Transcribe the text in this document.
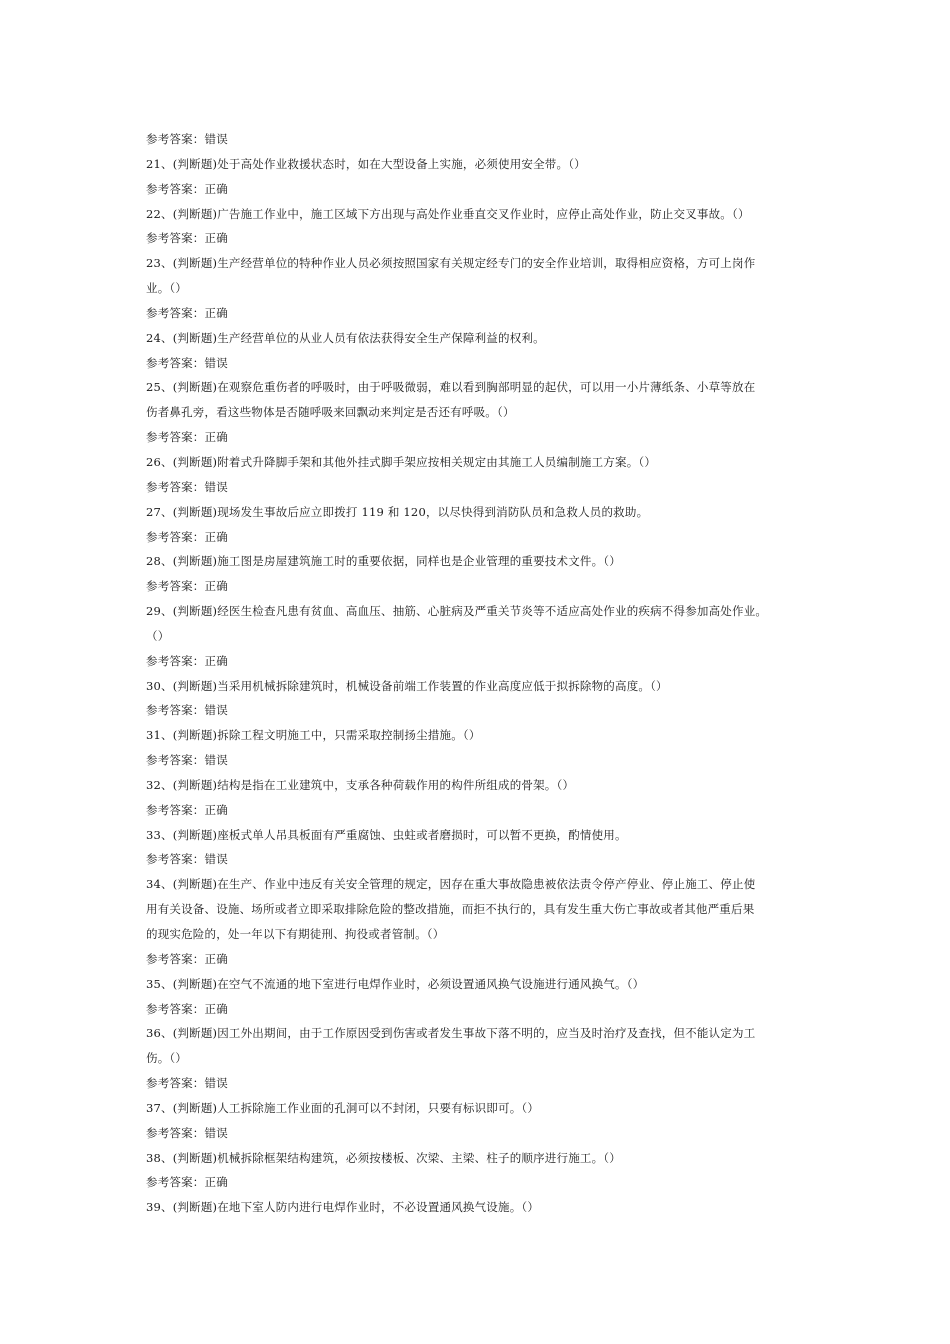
参考答案：错误
21、(判断题)处于高处作业救援状态时，如在大型设备上实施，必须使用安全带。（）
参考答案：正确
22、(判断题)广告施工作业中，施工区域下方出现与高处作业垂直交叉作业时，应停止高处作业，防止交叉事故。（）
参考答案：正确
23、(判断题)生产经营单位的特种作业人员必须按照国家有关规定经专门的安全作业培训，取得相应资格，方可上岗作
业。（）
参考答案：正确
24、(判断题)生产经营单位的从业人员有依法获得安全生产保障利益的权利。
参考答案：错误
25、(判断题)在观察危重伤者的呼吸时，由于呼吸微弱，难以看到胸部明显的起伏，可以用一小片薄纸条、小草等放在
伤者鼻孔旁，看这些物体是否随呼吸来回飘动来判定是否还有呼吸。（）
参考答案：正确
26、(判断题)附着式升降脚手架和其他外挂式脚手架应按相关规定由其施工人员编制施工方案。（）
参考答案：错误
27、(判断题)现场发生事故后应立即拨打 119 和 120，以尽快得到消防队员和急救人员的救助。
参考答案：正确
28、(判断题)施工图是房屋建筑施工时的重要依据，同样也是企业管理的重要技术文件。（）
参考答案：正确
29、(判断题)经医生检查凡患有贫血、高血压、抽筋、心脏病及严重关节炎等不适应高处作业的疾病不得参加高处作业。
（）
参考答案：正确
30、(判断题)当采用机械拆除建筑时，机械设备前端工作装置的作业高度应低于拟拆除物的高度。（）
参考答案：错误
31、(判断题)拆除工程文明施工中，只需采取控制扬尘措施。（）
参考答案：错误
32、(判断题)结构是指在工业建筑中，支承各种荷载作用的构件所组成的骨架。（）
参考答案：正确
33、(判断题)座板式单人吊具板面有严重腐蚀、虫蛀或者磨损时，可以暂不更换，酌情使用。
参考答案：错误
34、(判断题)在生产、作业中违反有关安全管理的规定，因存在重大事故隐患被依法责令停产停业、停止施工、停止使
用有关设备、设施、场所或者立即采取排除危险的整改措施，而拒不执行的，具有发生重大伤亡事故或者其他严重后果
的现实危险的，处一年以下有期徒刑、拘役或者管制。（）
参考答案：正确
35、(判断题)在空气不流通的地下室进行电焊作业时，必须设置通风换气设施进行通风换气。（）
参考答案：正确
36、(判断题)因工外出期间，由于工作原因受到伤害或者发生事故下落不明的，应当及时治疗及查找，但不能认定为工
伤。（）
参考答案：错误
37、(判断题)人工拆除施工作业面的孔洞可以不封闭，只要有标识即可。（）
参考答案：错误
38、(判断题)机械拆除框架结构建筑，必须按楼板、次梁、主梁、柱子的顺序进行施工。（）
参考答案：正确
39、(判断题)在地下室人防内进行电焊作业时，不必设置通风换气设施。（）
